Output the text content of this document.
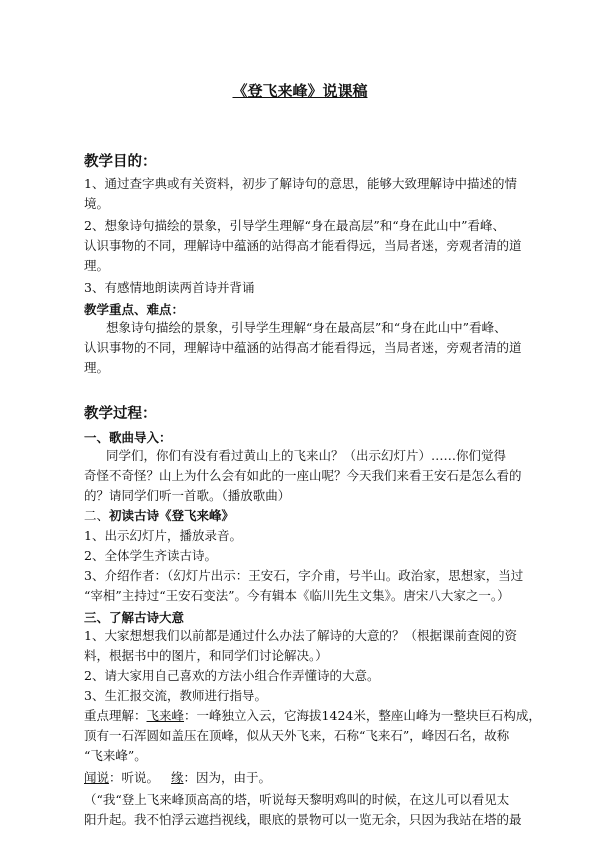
《登飞来峰》说课稿
教学目的：
1、通过查字典或有关资料，初步了解诗句的意思，能够大致理解诗中描述的情
境。
2、想象诗句描绘的景象，引导学生理解“身在最高层”和“身在此山中”看峰、
认识事物的不同，理解诗中蕴涵的站得高才能看得远，当局者迷，旁观者清的道
理。
3、有感情地朗读两首诗并背诵
教学重点、难点：
想象诗句描绘的景象，引导学生理解“身在最高层”和“身在此山中”看峰、
认识事物的不同，理解诗中蕴涵的站得高才能看得远，当局者迷，旁观者清的道
理。
教学过程：
一、歌曲导入：
同学们，你们有没有看过黄山上的飞来山？（出示幻灯片）……你们觉得
奇怪不奇怪？山上为什么会有如此的一座山呢？今天我们来看王安石是怎么看的
的？请同学们听一首歌。（播放歌曲）
二、初读古诗《登飞来峰》
1、出示幻灯片，播放录音。
2、全体学生齐读古诗。
3、介绍作者：（幻灯片出示：王安石，字介甫，号半山。政治家，思想家，当过
“宰相”主持过“王安石变法”。今有辑本《临川先生文集》。唐宋八大家之一。）
三、了解古诗大意
1、大家想想我们以前都是通过什么办法了解诗的大意的？（根据课前查阅的资
料，根据书中的图片，和同学们讨论解决。）
2、请大家用自己喜欢的方法小组合作弄懂诗的大意。
3、生汇报交流，教师进行指导。
重点理解：飞来峰：一峰独立入云，它海拔1424米，整座山峰为一整块巨石构成，
顶有一石浑圆如盖压在顶峰，似从天外飞来，石称“飞来石”，峰因石名，故称
“飞来峰”。
闻说：听说。 缘：因为，由于。
（“我“登上飞来峰顶高高的塔，听说每天黎明鸡叫的时候，在这儿可以看见太
阳升起。我不怕浮云遮挡视线，眼底的景物可以一览无余，只因为我站在塔的最
